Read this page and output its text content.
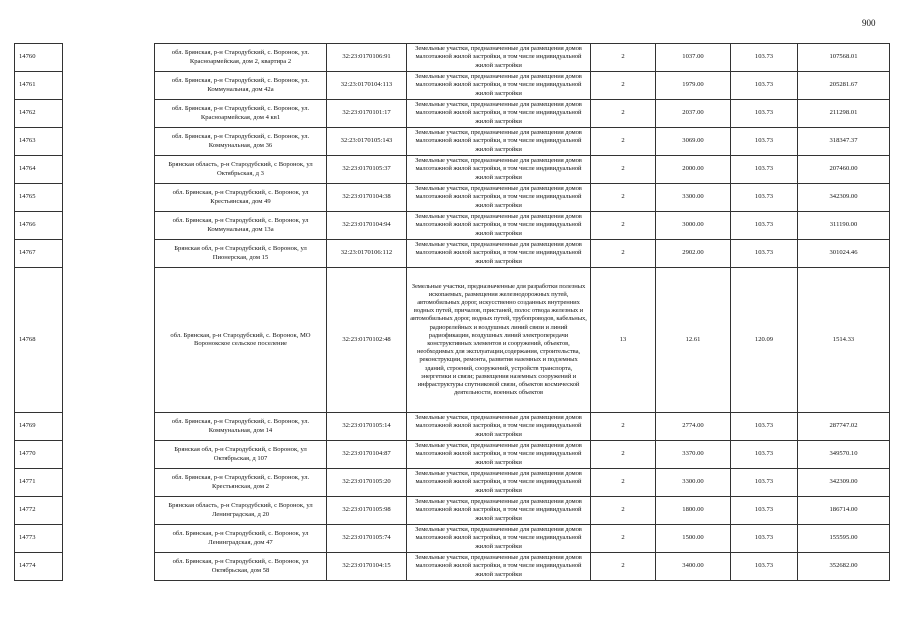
900
14760		обл. Брянская, р-н Стародубский, с. Воронок, ул. Красноармейская, дом 2, квартира 2	32:23:0170106:91	Земельные участки, предназначенные для размещения домов малоэтажной жилой застройки, в том числе индивидуальной жилой застройки	2	1037.00	103.73	107568.01
14761		обл. Брянская, р-н Стародубский, с. Воронок, ул. Коммунальная, дом 42а	32:23:0170104:113	Земельные участки, предназначенные для размещения домов малоэтажной жилой застройки, в том числе индивидуальной жилой застройки	2	1979.00	103.73	205281.67
14762		обл. Брянская, р-н Стародубский, с. Воронок, ул. Красноармейская, дом 4 кв1	32:23:0170101:17	Земельные участки, предназначенные для размещения домов малоэтажной жилой застройки, в том числе индивидуальной жилой застройки	2	2037.00	103.73	211298.01
14763		обл. Брянская, р-н Стародубский, с. Воронок, ул. Коммунальная, дом 36	32:23:0170105:143	Земельные участки, предназначенные для размещения домов малоэтажной жилой застройки, в том числе индивидуальной жилой застройки	2	3069.00	103.73	318347.37
14764		Брянская область, р-н Стародубский, с Воронок, ул Октябрьская, д 3	32:23:0170105:37	Земельные участки, предназначенные для размещения домов малоэтажной жилой застройки, в том числе индивидуальной жилой застройки	2	2000.00	103.73	207460.00
14765		обл. Брянская, р-н Стародубский, с. Воронок, ул Крестьянская, дом 49	32:23:0170104:38	Земельные участки, предназначенные для размещения домов малоэтажной жилой застройки, в том числе индивидуальной жилой застройки	2	3300.00	103.73	342309.00
14766		обл. Брянская, р-н Стародубский, с. Воронок, ул Коммунальная, дом 13а	32:23:0170104:94	Земельные участки, предназначенные для размещения домов малоэтажной жилой застройки, в том числе индивидуальной жилой застройки	2	3000.00	103.73	311190.00
14767		Брянская обл, р-н Стародубский, с Воронок, ул Пионерская, дом 15	32:23:0170106:112	Земельные участки, предназначенные для размещения домов малоэтажной жилой застройки, в том числе индивидуальной жилой застройки	2	2902.00	103.73	301024.46
14768		обл. Брянская, р-н Стародубский, с. Воронок, МО Воронокское сельское поселение	32:23:0170102:48	Земельные участки, предназначенные для разработки полезных ископаемых, размещения железнодорожных путей, автомобильных дорог, искусственно созданных внутренних водных путей, причалов, пристаней, полос отвода железных и автомобильных дорог, водных путей, трубопроводов, кабельных, радиорелейных и воздушных линий связи и линий радиофикации, воздушных линий электропередачи конструктивных элементов и сооружений, объектов, необходимых для эксплуатации,содержания, строительства, реконструкции, ремонта, развития наземных и подземных зданий, строений, сооружений, устройств транспорта, энергетики и связи; размещения наземных сооружений и инфраструктуры спутниковой связи, объектов космической деятельности, военных объектов	13	12.61	120.09	1514.33
14769		обл. Брянская, р-н Стародубский, с. Воронок, ул. Коммунальная, дом 14	32:23:0170105:14	Земельные участки, предназначенные для размещения домов малоэтажной жилой застройки, в том числе индивидуальной жилой застройки	2	2774.00	103.73	287747.02
14770		Брянская обл, р-н Стародубский, с Воронок, ул Октябрьская, д 107	32:23:0170104:87	Земельные участки, предназначенные для размещения домов малоэтажной жилой застройки, в том числе индивидуальной жилой застройки	2	3370.00	103.73	349570.10
14771		обл. Брянская, р-н Стародубский, с. Воронок, ул. Крестьянская, дом 2	32:23:0170105:20	Земельные участки, предназначенные для размещения домов малоэтажной жилой застройки, в том числе индивидуальной жилой застройки	2	3300.00	103.73	342309.00
14772		Брянская область, р-н Стародубский, с Воронок, ул Ленинградская, д 20	32:23:0170105:98	Земельные участки, предназначенные для размещения домов малоэтажной жилой застройки, в том числе индивидуальной жилой застройки	2	1800.00	103.73	186714.00
14773		обл. Брянская, р-н Стародубский, с. Воронок, ул Ленинградская, дом 47	32:23:0170105:74	Земельные участки, предназначенные для размещения домов малоэтажной жилой застройки, в том числе индивидуальной жилой застройки	2	1500.00	103.73	155595.00
14774		обл. Брянская, р-н Стародубский, с. Воронок, ул Октябрьская, дом 58	32:23:0170104:15	Земельные участки, предназначенные для размещения домов малоэтажной жилой застройки, в том числе индивидуальной жилой застройки	2	3400.00	103.73	352682.00
